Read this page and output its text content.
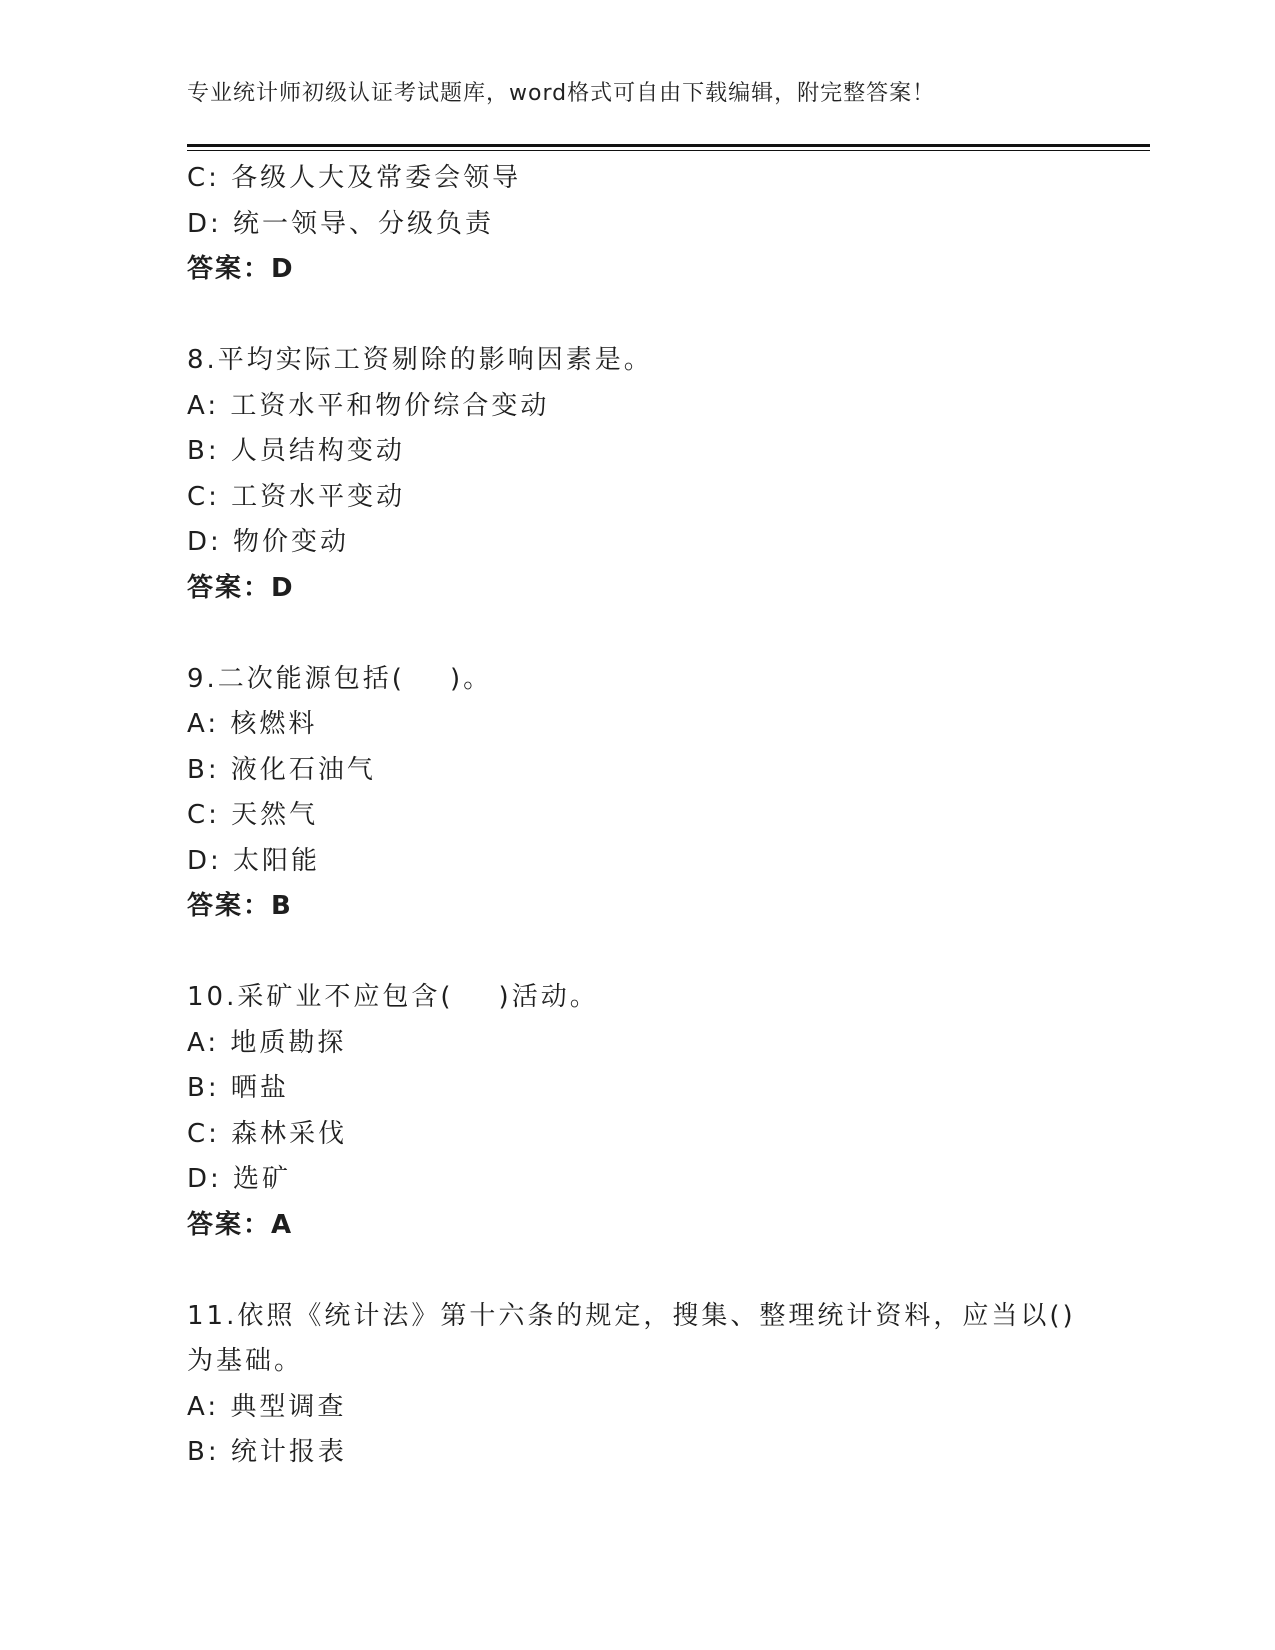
专业统计师初级认证考试题库，word格式可自由下载编辑，附完整答案！
C: 各级人大及常委会领导
D: 统一领导、分级负责
答案：D
8.平均实际工资剔除的影响因素是。
A: 工资水平和物价综合变动
B: 人员结构变动
C: 工资水平变动
D: 物价变动
答案：D
9.二次能源包括(    )。
A: 核燃料
B: 液化石油气
C: 天然气
D: 太阳能
答案：B
10.采矿业不应包含(    )活动。
A: 地质勘探
B: 晒盐
C: 森林采伐
D: 选矿
答案：A
11.依照《统计法》第十六条的规定，搜集、整理统计资料，应当以()
为基础。
A: 典型调查
B: 统计报表
